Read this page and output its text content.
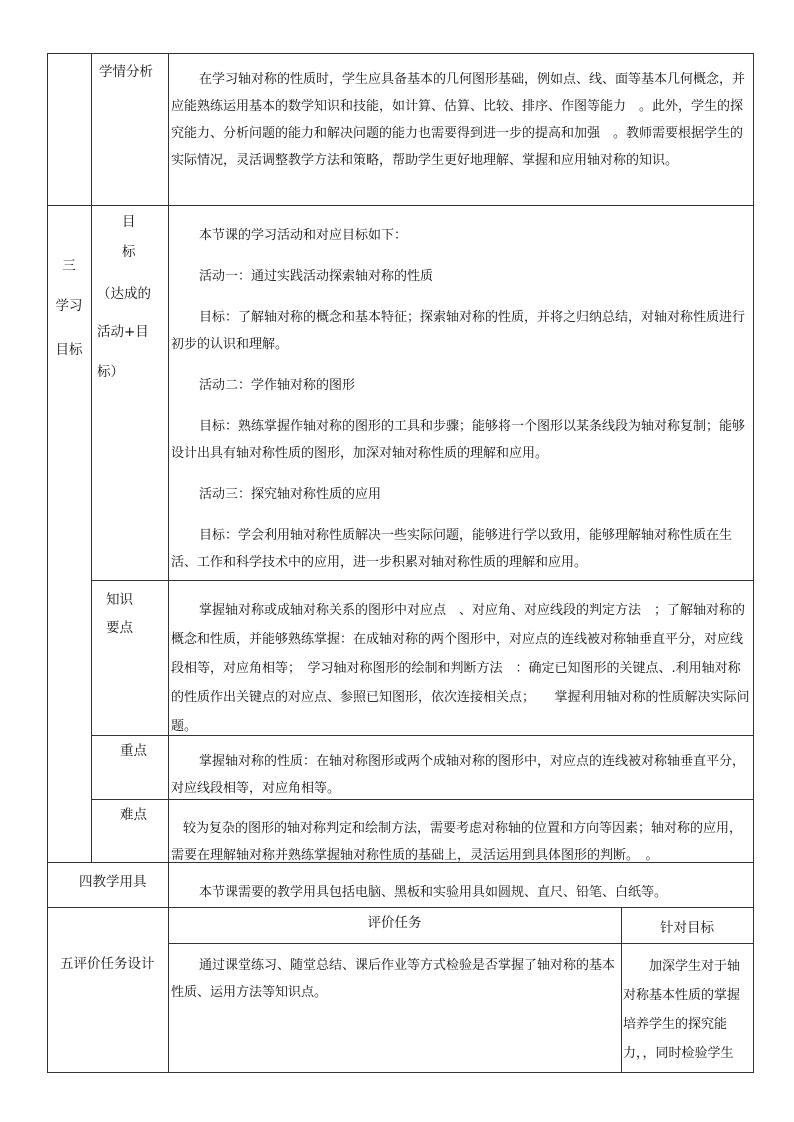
学情分析	在学习轴对称的性质时，学生应具备基本的几何图形基础，例如点、线、面等基本几何概念，并应能熟练运用基本的数学知识和技能，如计算、估算、比较、排序、作图等能力　。此外，学生的探究能力、分析问题的能力和解决问题的能力也需要得到进一步的提高和加强　。教师需要根据学生的实际情况，灵活调整教学方法和策略，帮助学生更好地理解、掌握和应用轴对称的知识。

三
学习
目标
目
标
（达成的
活动+目
标）

本节课的学习活动和对应目标如下：

活动一：通过实践活动探索轴对称的性质

目标：了解轴对称的概念和基本特征；探索轴对称的性质，并将之归纳总结，对轴对称性质进行初步的认识和理解。

活动二：学作轴对称的图形

目标：熟练掌握作轴对称的图形的工具和步骤；能够将一个图形以某条线段为轴对称复制；能够设计出具有轴对称性质的图形，加深对轴对称性质的理解和应用。

活动三：探究轴对称性质的应用

目标：学会利用轴对称性质解决一些实际问题，能够进行学以致用，能够理解轴对称性质在生活、工作和科学技术中的应用，进一步积累对轴对称性质的理解和应用。

知识
要点

掌握轴对称或成轴对称关系的图形中对应点　、对应角、对应线段的判定方法　；了解轴对称的概念和性质，并能够熟练掌握：在成轴对称的两个图形中，对应点的连线被对称轴垂直平分，对应线段相等，对应角相等；　学习轴对称图形的绘制和判断方法　：确定已知图形的关键点、.利用轴对称的性质作出关键点的对应点、参照已知图形，依次连接相关点；　　掌握利用轴对称的性质解决实际问题。

重点

掌握轴对称的性质：在轴对称图形或两个成轴对称的图形中，对应点的连线被对称轴垂直平分，对应线段相等，对应角相等。

难点

较为复杂的图形的轴对称判定和绘制方法，需要考虑对称轴的位置和方向等因素；轴对称的应用，需要在理解轴对称并熟练掌握轴对称性质的基础上，灵活运用到具体图形的判断。　。

四教学用具

本节课需要的教学用具包括电脑、黑板和实验用具如圆规、直尺、铅笔、白纸等。

五评价任务设计
评价任务	针对目标

通过课堂练习、随堂总结、课后作业等方式检验是否掌握了轴对称的基本性质、运用方法等知识点。

加深学生对于轴对称基本性质的掌握培养学生的探究能力，，同时检验学生
